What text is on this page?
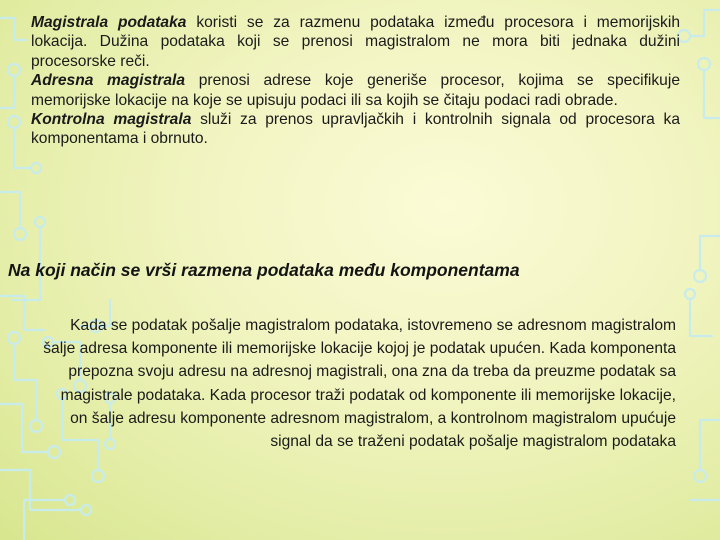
Magistrala podataka koristi se za razmenu podataka između procesora i memorijskih lokacija. Dužina podataka koji se prenosi magistralom ne mora biti jednaka dužini procesorske reči.

Adresna magistrala prenosi adrese koje generiše procesor, kojima se specifikuje memorijske lokacije na koje se upisuju podaci ili sa kojih se čitaju podaci radi obrade.

Kontrolna magistrala služi za prenos upravljačkih i kontrolnih signala od procesora ka komponentama i obrnuto.

Na koji način se vrši razmena podataka među komponentama
Kada se podatak pošalje magistralom podataka, istovremeno se adresnom magistralom šalje adresa komponente ili memorijske lokacije kojoj je podatak upućen. Kada komponenta prepozna svoju adresu na adresnoj magistrali, ona zna da treba da preuzme podatak sa magistrale podataka. Kada procesor traži podatak od komponente ili memorijske lokacije, on šalje adresu komponente adresnom magistralom, a kontrolnom magistralom upućuje signal da se traženi podatak pošalje magistralom podataka
